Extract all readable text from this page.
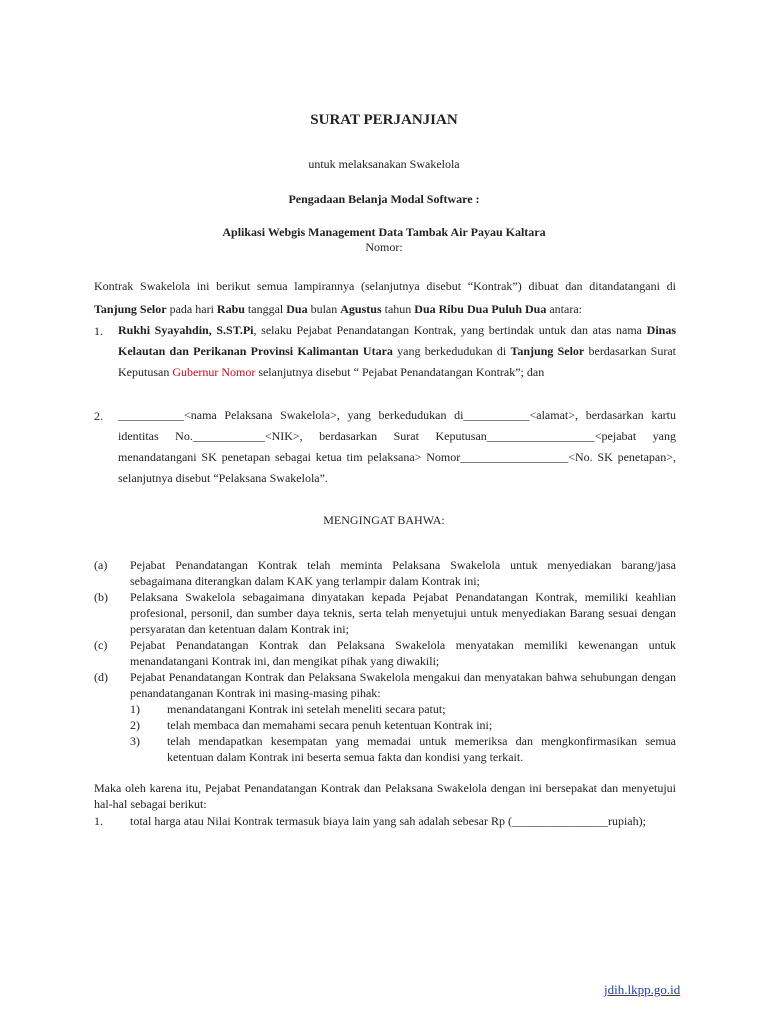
SURAT PERJANJIAN
untuk melaksanakan Swakelola
Pengadaan Belanja Modal Software :
Aplikasi Webgis Management Data Tambak Air Payau Kaltara
Nomor:
Kontrak Swakelola ini berikut semua lampirannya (selanjutnya disebut “Kontrak”) dibuat dan ditandatangani di Tanjung Selor pada hari Rabu tanggal Dua bulan Agustus tahun Dua Ribu Dua Puluh Dua antara:
1. Rukhi Syayahdin, S.ST.Pi, selaku Pejabat Penandatangan Kontrak, yang bertindak untuk dan atas nama Dinas Kelautan dan Perikanan Provinsi Kalimantan Utara yang berkedudukan di Tanjung Selor berdasarkan Surat Keputusan Gubernur Nomor selanjutnya disebut “ Pejabat Penandatangan Kontrak”; dan
2. ___________<nama Pelaksana Swakelola>, yang berkedudukan di___________<alamat>, berdasarkan kartu identitas No.____________<NIK>, berdasarkan Surat Keputusan__________________<pejabat yang menandatangani SK penetapan sebagai ketua tim pelaksana> Nomor__________________<No. SK penetapan>, selanjutnya disebut “Pelaksana Swakelola”.
MENGINGAT BAHWA:
(a) Pejabat Penandatangan Kontrak telah meminta Pelaksana Swakelola untuk menyediakan barang/jasa sebagaimana diterangkan dalam KAK yang terlampir dalam Kontrak ini;
(b) Pelaksana Swakelola sebagaimana dinyatakan kepada Pejabat Penandatangan Kontrak, memiliki keahlian profesional, personil, dan sumber daya teknis, serta telah menyetujui untuk menyediakan Barang sesuai dengan persyaratan dan ketentuan dalam Kontrak ini;
(c) Pejabat Penandatangan Kontrak dan Pelaksana Swakelola menyatakan memiliki kewenangan untuk menandatangani Kontrak ini, dan mengikat pihak yang diwakili;
(d) Pejabat Penandatangan Kontrak dan Pelaksana Swakelola mengakui dan menyatakan bahwa sehubungan dengan penandatanganan Kontrak ini masing-masing pihak:
1) menandatangani Kontrak ini setelah meneliti secara patut;
2) telah membaca dan memahami secara penuh ketentuan Kontrak ini;
3) telah mendapatkan kesempatan yang memadai untuk memeriksa dan mengkonfirmasikan semua ketentuan dalam Kontrak ini beserta semua fakta dan kondisi yang terkait.
Maka oleh karena itu, Pejabat Penandatangan Kontrak dan Pelaksana Swakelola dengan ini bersepakat dan menyetujui hal-hal sebagai berikut:
1. total harga atau Nilai Kontrak termasuk biaya lain yang sah adalah sebesar Rp (________________rupiah);
jdih.lkpp.go.id
